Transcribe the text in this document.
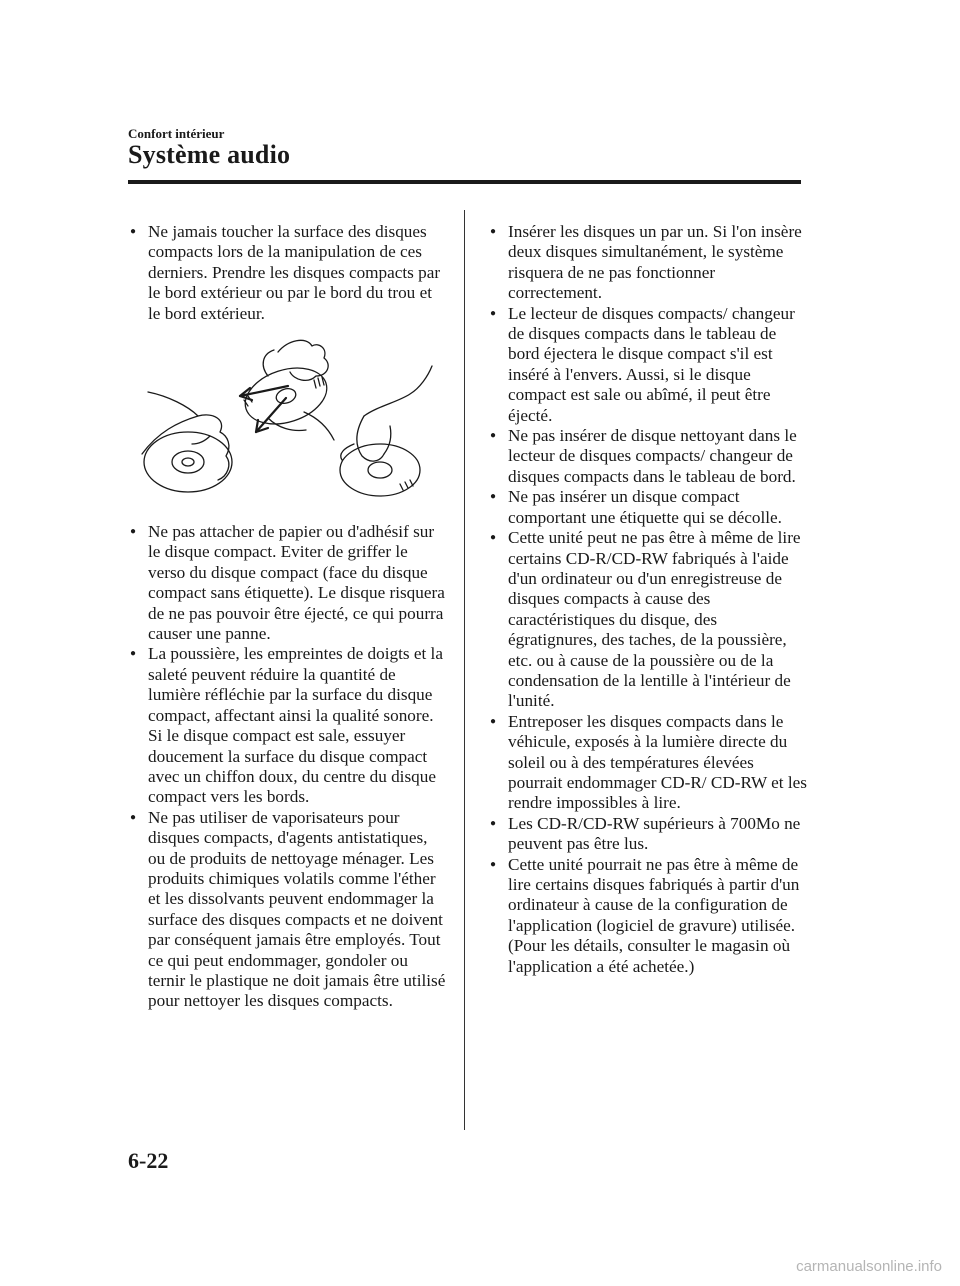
Confort intérieur
Système audio
● Ne jamais toucher la surface des disques compacts lors de la manipulation de ces derniers. Prendre les disques compacts par le bord extérieur ou par le bord du trou et le bord extérieur.
● Ne pas attacher de papier ou d'adhésif sur le disque compact. Eviter de griffer le verso du disque compact (face du disque compact sans étiquette). Le disque risquera de ne pas pouvoir être éjecté, ce qui pourra causer une panne.
● La poussière, les empreintes de doigts et la saleté peuvent réduire la quantité de lumière réfléchie par la surface du disque compact, affectant ainsi la qualité sonore. Si le disque compact est sale, essuyer doucement la surface du disque compact avec un chiffon doux, du centre du disque compact vers les bords.
● Ne pas utiliser de vaporisateurs pour disques compacts, d'agents antistatiques, ou de produits de nettoyage ménager. Les produits chimiques volatils comme l'éther et les dissolvants peuvent endommager la surface des disques compacts et ne doivent par conséquent jamais être employés. Tout ce qui peut endommager, gondoler ou ternir le plastique ne doit jamais être utilisé pour nettoyer les disques compacts.
● Insérer les disques un par un. Si l'on insère deux disques simultanément, le système risquera de ne pas fonctionner correctement.
● Le lecteur de disques compacts/ changeur de disques compacts dans le tableau de bord éjectera le disque compact s'il est inséré à l'envers. Aussi, si le disque compact est sale ou abîmé, il peut être éjecté.
● Ne pas insérer de disque nettoyant dans le lecteur de disques compacts/ changeur de disques compacts dans le tableau de bord.
● Ne pas insérer un disque compact comportant une étiquette qui se décolle.
● Cette unité peut ne pas être à même de lire certains CD-R/CD-RW fabriqués à l'aide d'un ordinateur ou d'un enregistreuse de disques compacts à cause des caractéristiques du disque, des égratignures, des taches, de la poussière, etc. ou à cause de la poussière ou de la condensation de la lentille à l'intérieur de l'unité.
● Entreposer les disques compacts dans le véhicule, exposés à la lumière directe du soleil ou à des températures élevées pourrait endommager CD-R/ CD-RW et les rendre impossibles à lire.
● Les CD-R/CD-RW supérieurs à 700Mo ne peuvent pas être lus.
● Cette unité pourrait ne pas être à même de lire certains disques fabriqués à partir d'un ordinateur à cause de la configuration de l'application (logiciel de gravure) utilisée. (Pour les détails, consulter le magasin où l'application a été achetée.)
6-22
carmanualsonline.info
